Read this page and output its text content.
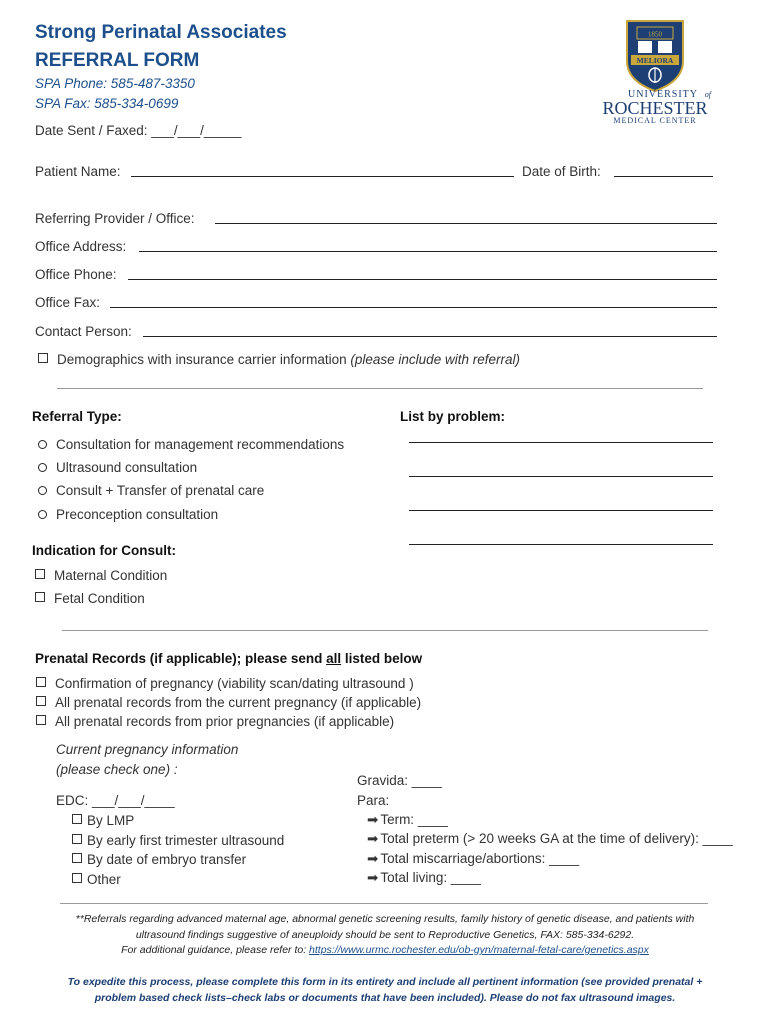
Strong Perinatal Associates
REFERRAL FORM
SPA Phone: 585-487-3350
SPA Fax: 585-334-0699
Date Sent / Faxed: ___/___/_____
1850
MELIORA
UNIVERSITY of
ROCHESTER
MEDICAL CENTER
Patient Name:	Date of Birth:
Referring Provider / Office:
Office Address:
Office Phone:
Office Fax:
Contact Person:
Demographics with insurance carrier information (please include with referral)
Referral Type:	List by problem:
Consultation for management recommendations
Ultrasound consultation
Consult + Transfer of prenatal care
Preconception consultation
Indication for Consult:
Maternal Condition
Fetal Condition
Prenatal Records (if applicable); please send all listed below
Confirmation of pregnancy (viability scan/dating ultrasound )
All prenatal records from the current pregnancy (if applicable)
All prenatal records from prior pregnancies (if applicable)
Current pregnancy information
(please check one) :
EDC: ___/___/____
By LMP
By early first trimester ultrasound
By date of embryo transfer
Other
Gravida: ____
Para:
➡ Term: ____
➡ Total preterm (> 20 weeks GA at the time of delivery): ____
➡ Total miscarriage/abortions: ____
➡ Total living: ____
**Referrals regarding advanced maternal age, abnormal genetic screening results, family history of genetic disease, and patients with
ultrasound findings suggestive of aneuploidy should be sent to Reproductive Genetics, FAX: 585-334-6292.
For additional guidance, please refer to: https://www.urmc.rochester.edu/ob-gyn/maternal-fetal-care/genetics.aspx
To expedite this process, please complete this form in its entirety and include all pertinent information (see provided prenatal +
problem based check lists–check labs or documents that have been included). Please do not fax ultrasound images.
